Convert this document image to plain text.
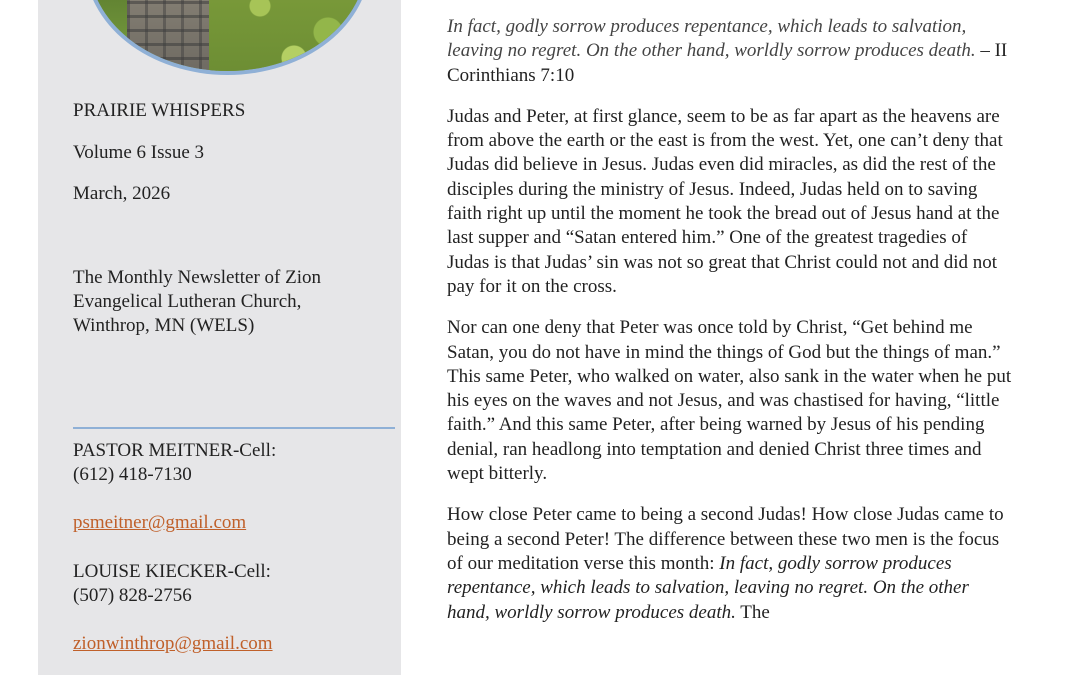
PRAIRIE WHISPERS
Volume 6 Issue 3
March, 2026
The Monthly Newsletter of Zion Evangelical Lutheran Church, Winthrop, MN (WELS)
PASTOR MEITNER-Cell:
(612) 418-7130
psmeitner@gmail.com
LOUISE KIECKER-Cell:
(507) 828-2756
zionwinthrop@gmail.com

In fact, godly sorrow produces repentance, which leads to salvation, leaving no regret. On the other hand, worldly sorrow produces death. – II Corinthians 7:10

Judas and Peter, at first glance, seem to be as far apart as the heavens are from above the earth or the east is from the west. Yet, one can’t deny that Judas did believe in Jesus. Judas even did miracles, as did the rest of the disciples during the ministry of Jesus. Indeed, Judas held on to saving faith right up until the moment he took the bread out of Jesus hand at the last supper and “Satan entered him.” One of the greatest tragedies of Judas is that Judas’ sin was not so great that Christ could not and did not pay for it on the cross.

Nor can one deny that Peter was once told by Christ, “Get behind me Satan, you do not have in mind the things of God but the things of man.” This same Peter, who walked on water, also sank in the water when he put his eyes on the waves and not Jesus, and was chastised for having, “little faith.” And this same Peter, after being warned by Jesus of his pending denial, ran headlong into temptation and denied Christ three times and wept bitterly.

How close Peter came to being a second Judas! How close Judas came to being a second Peter! The difference between these two men is the focus of our meditation verse this month: In fact, godly sorrow produces repentance, which leads to salvation, leaving no regret. On the other hand, worldly sorrow produces death. The
